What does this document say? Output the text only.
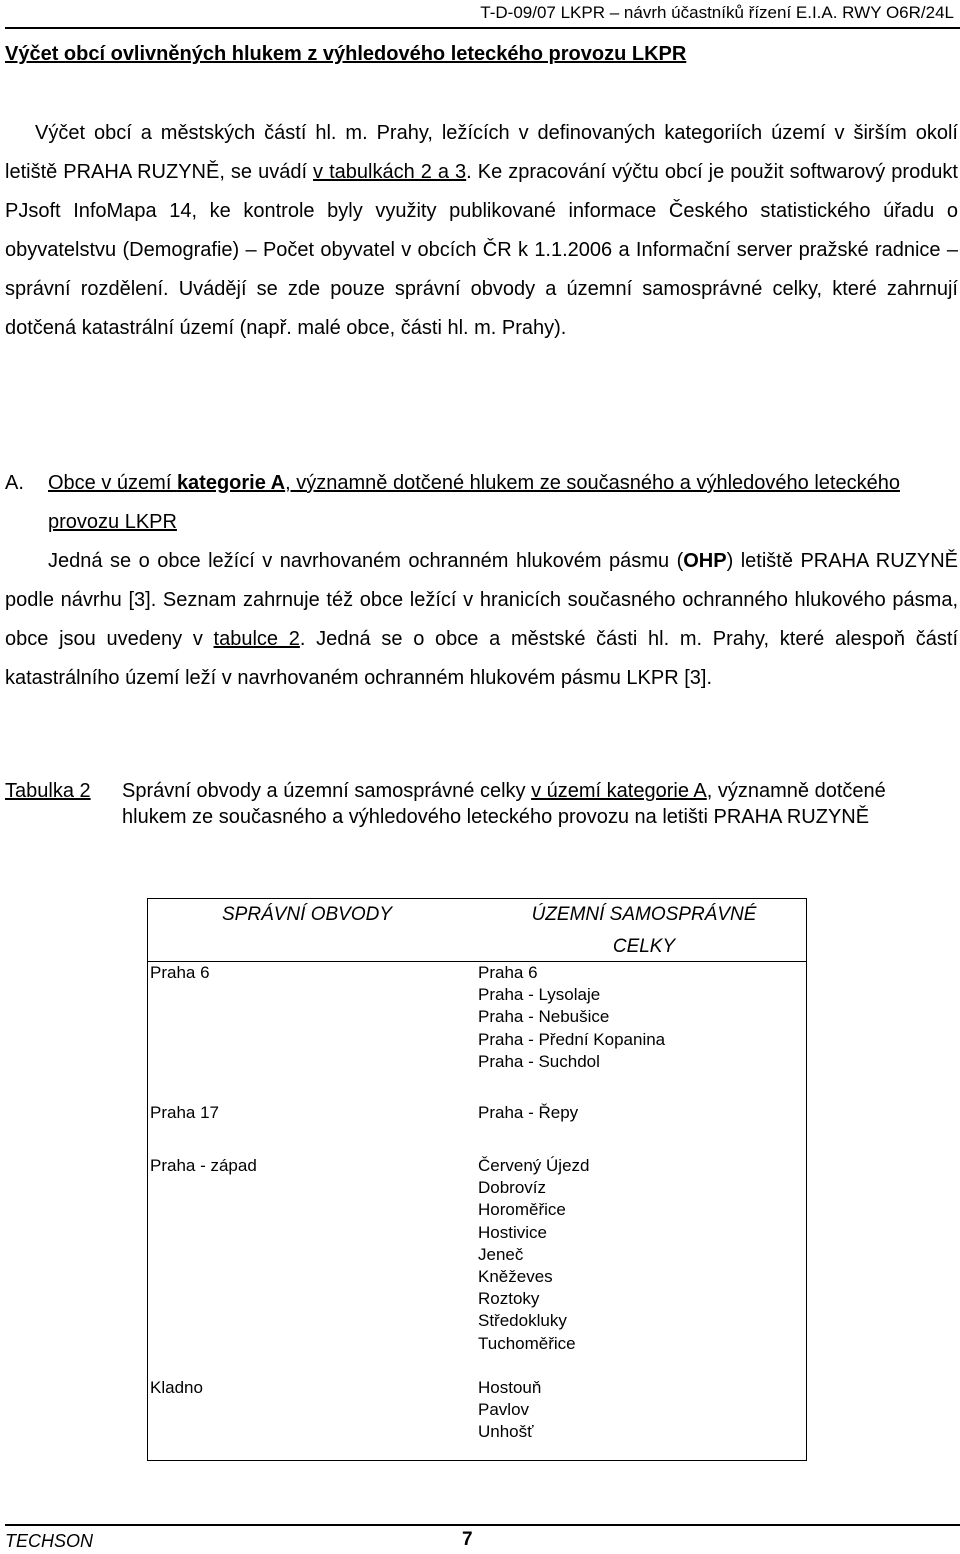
T-D-09/07 LKPR – návrh účastníků řízení E.I.A. RWY O6R/24L
Výčet obcí ovlivněných hlukem z výhledového leteckého provozu LKPR
Výčet obcí a městských částí hl. m. Prahy, ležících v definovaných kategoriích území v širším okolí letiště PRAHA RUZYNĚ, se uvádí v tabulkách 2 a 3. Ke zpracování výčtu obcí je použit softwarový produkt PJsoft InfoMapa 14, ke kontrole byly využity publikované informace Českého statistického úřadu o obyvatelstvu (Demografie) – Počet obyvatel v obcích ČR k 1.1.2006 a Informační server pražské radnice – správní rozdělení. Uvádějí se zde pouze správní obvody a územní samosprávné celky, které zahrnují dotčená katastrální území (např. malé obce, části hl. m. Prahy).
A. Obce v území kategorie A, významně dotčené hlukem ze současného a výhledového leteckého provozu LKPR
Jedná se o obce ležící v navrhovaném ochranném hlukovém pásmu (OHP) letiště PRAHA RUZYNĚ podle návrhu [3]. Seznam zahrnuje též obce ležící v hranicích současného ochranného hlukového pásma, obce jsou uvedeny v tabulce 2. Jedná se o obce a městské části hl. m. Prahy, které alespoň částí katastrálního území leží v navrhovaném ochranném hlukovém pásmu LKPR [3].
Tabulka 2 Správní obvody a územní samosprávné celky v území kategorie A, významně dotčené hlukem ze současného a výhledového leteckého provozu na letišti PRAHA RUZYNĚ
SPRÁVNÍ OBVODY	ÚZEMNÍ SAMOSPRÁVNÉ CELKY
Praha 6	Praha 6
Praha - Lysolaje
Praha - Nebušice
Praha - Přední Kopanina
Praha - Suchdol
Praha 17	Praha - Řepy
Praha - západ	Červený Újezd
Dobrovíz
Horoměřice
Hostivice
Jeneč
Kněževes
Roztoky
Středokluky
Tuchoměřice
Kladno	Hostouň
Pavlov
Unhošť
TECHSON	7
